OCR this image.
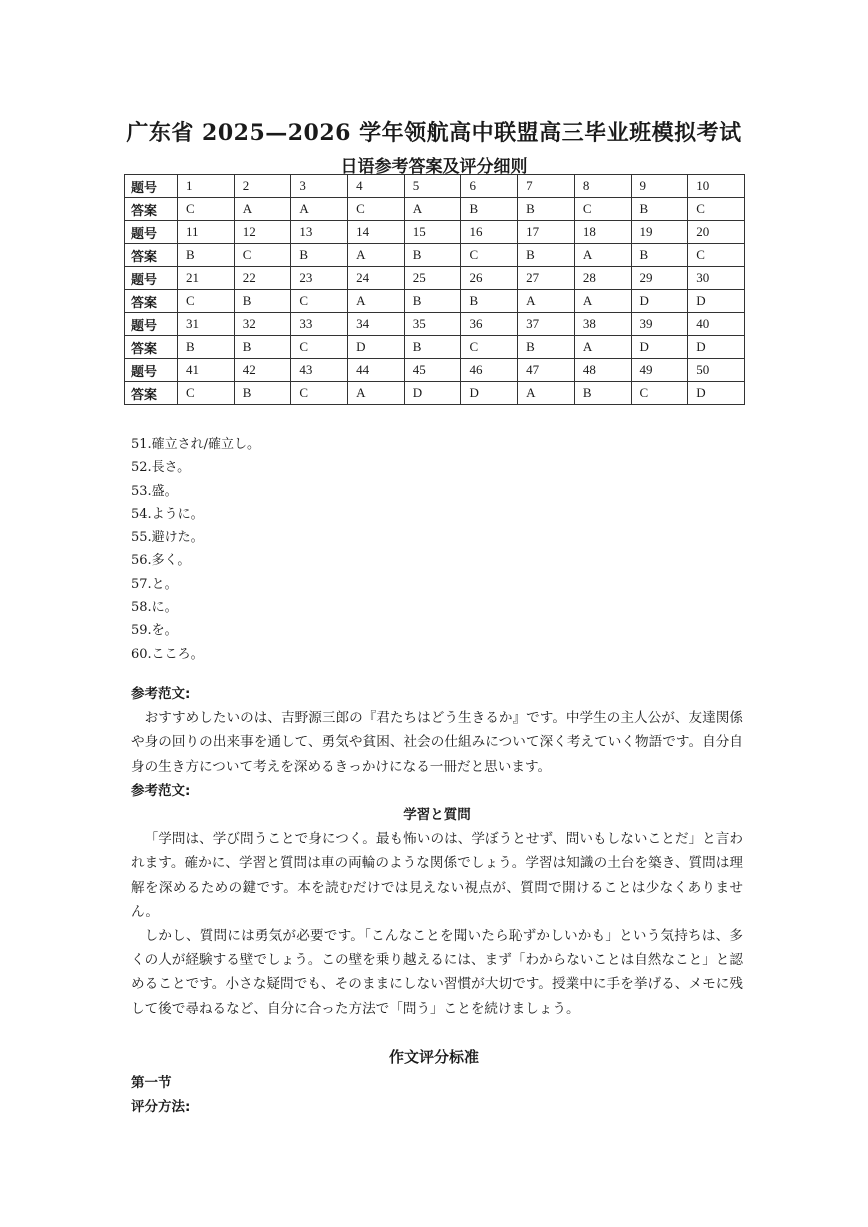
广东省 2025—2026 学年领航高中联盟高三毕业班模拟考试
日语参考答案及评分细则
题号	1	2	3	4	5	6	7	8	9	10
答案	C	A	A	C	A	B	B	C	B	C
题号	11	12	13	14	15	16	17	18	19	20
答案	B	C	B	A	B	C	B	A	B	C
题号	21	22	23	24	25	26	27	28	29	30
答案	C	B	C	A	B	B	A	A	D	D
题号	31	32	33	34	35	36	37	38	39	40
答案	B	B	C	D	B	C	B	A	D	D
题号	41	42	43	44	45	46	47	48	49	50
答案	C	B	C	A	D	D	A	B	C	D
51.確立され/確立し。
52.長さ。
53.盛。
54.ように。
55.避けた。
56.多く。
57.と。
58.に。
59.を。
60.こころ。
参考范文:
おすすめしたいのは、吉野源三郎の『君たちはどう生きるか』です。中学生の主人公が、友達関係や身の回りの出来事を通して、勇気や貧困、社会の仕組みについて深く考えていく物語です。自分自身の生き方について考えを深めるきっかけになる一冊だと思います。
参考范文:
学習と質問
「学問は、学び問うことで身につく。最も怖いのは、学ぼうとせず、問いもしないことだ」と言われます。確かに、学習と質問は車の両輪のような関係でしょう。学習は知識の土台を築き、質問は理解を深めるための鍵です。本を読むだけでは見えない視点が、質問で開けることは少なくありません。
しかし、質問には勇気が必要です。「こんなことを聞いたら恥ずかしいかも」という気持ちは、多くの人が経験する壁でしょう。この壁を乗り越えるには、まず「わからないことは自然なこと」と認めることです。小さな疑問でも、そのままにしない習慣が大切です。授業中に手を挙げる、メモに残して後で尋ねるなど、自分に合った方法で「問う」ことを続けましょう。
作文评分标准
第一节
评分方法:
